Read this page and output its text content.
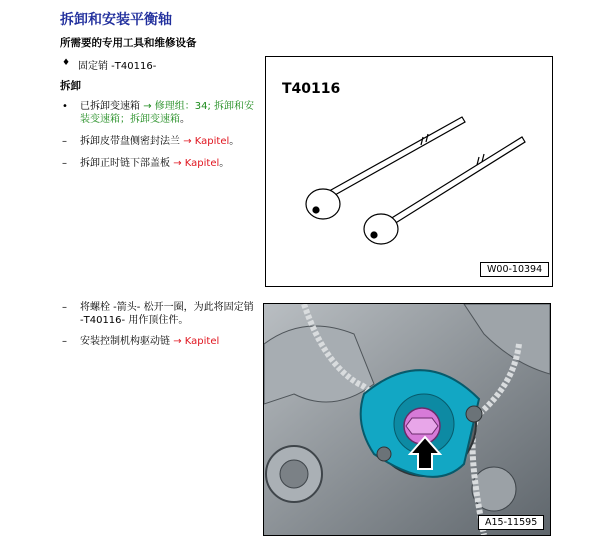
拆卸和安装平衡轴
所需要的专用工具和维修设备
♦ 固定销 -T40116-
拆卸
• 已拆卸变速箱 → 修理组：34; 拆卸和安装变速箱；拆卸变速箱。
– 拆卸皮带盘侧密封法兰 → Kapitel。
– 拆卸正时链下部盖板 → Kapitel。
– 将螺栓 -箭头- 松开一圈，为此将固定销 -T40116- 用作顶住件。
– 安装控制机构驱动链 → Kapitel
T40116
W00-10394
A15-11595
